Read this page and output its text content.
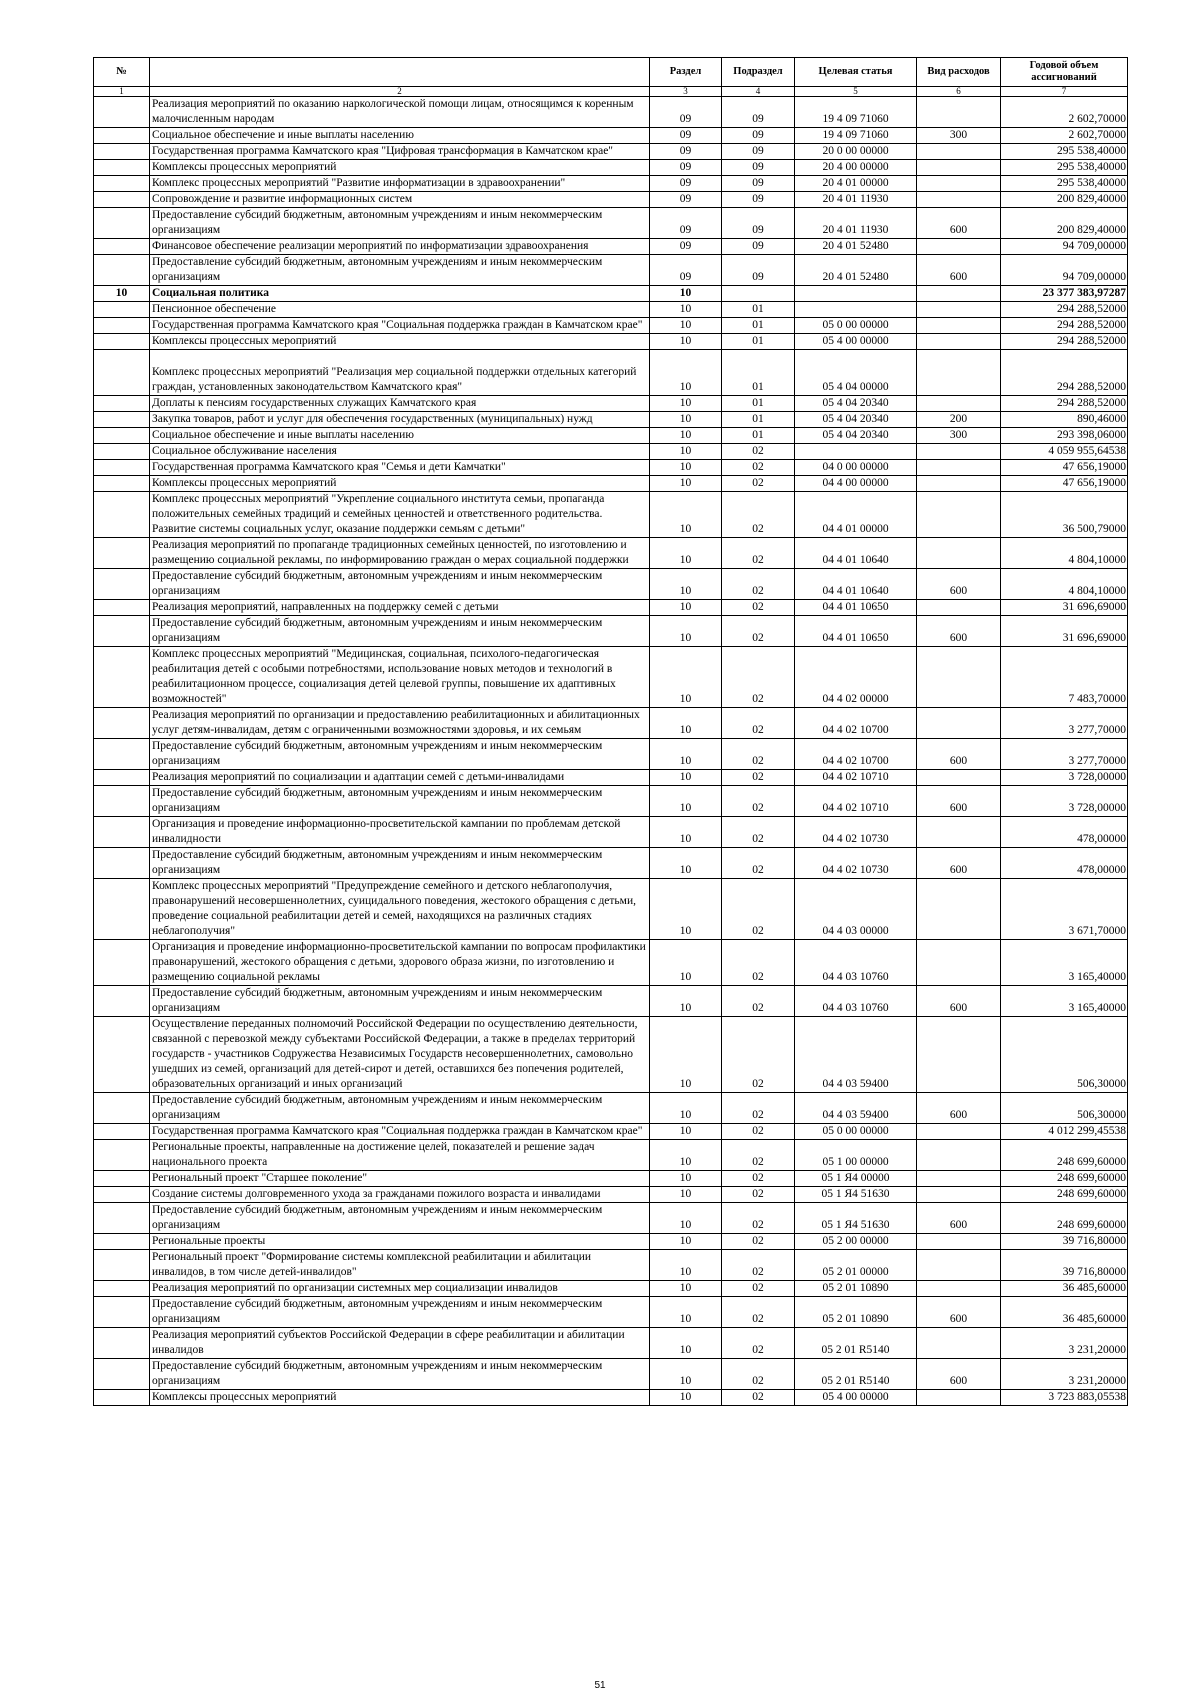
№		Раздел	Подраздел	Целевая статья	Вид расходов	Годовой объем ассигнований
1	2	3	4	5	6	7
	Реализация мероприятий по оказанию наркологической помощи лицам, относящимся к коренным малочисленным народам	09	09	19 4 09 71060		2 602,70000
	Социальное обеспечение и иные выплаты населению	09	09	19 4 09 71060	300	2 602,70000
	Государственная программа Камчатского края "Цифровая трансформация в Камчатском крае"	09	09	20 0 00 00000		295 538,40000
	Комплексы процессных мероприятий	09	09	20 4 00 00000		295 538,40000
	Комплекс процессных мероприятий "Развитие информатизации в здравоохранении"	09	09	20 4 01 00000		295 538,40000
	Сопровождение и развитие информационных систем	09	09	20 4 01 11930		200 829,40000
	Предоставление субсидий бюджетным, автономным учреждениям и иным некоммерческим организациям	09	09	20 4 01 11930	600	200 829,40000
	Финансовое обеспечение реализации мероприятий по информатизации здравоохранения	09	09	20 4 01 52480		94 709,00000
	Предоставление субсидий бюджетным, автономным учреждениям и иным некоммерческим организациям	09	09	20 4 01 52480	600	94 709,00000
10	Социальная политика	10				23 377 383,97287
	Пенсионное обеспечение	10	01			294 288,52000
	Государственная программа Камчатского края "Социальная поддержка граждан в Камчатском крае"	10	01	05 0 00 00000		294 288,52000
	Комплексы процессных мероприятий	10	01	05 4 00 00000		294 288,52000
	Комплекс процессных мероприятий "Реализация мер социальной поддержки отдельных категорий граждан, установленных законодательством Камчатского края"	10	01	05 4 04 00000		294 288,52000
	Доплаты к пенсиям государственных служащих Камчатского края	10	01	05 4 04 20340		294 288,52000
	Закупка товаров, работ и услуг для обеспечения государственных (муниципальных) нужд	10	01	05 4 04 20340	200	890,46000
	Социальное обеспечение и иные выплаты населению	10	01	05 4 04 20340	300	293 398,06000
	Социальное обслуживание населения	10	02			4 059 955,64538
	Государственная программа Камчатского края "Семья и дети Камчатки"	10	02	04 0 00 00000		47 656,19000
	Комплексы процессных мероприятий	10	02	04 4 00 00000		47 656,19000
	Комплекс процессных мероприятий "Укрепление социального института семьи, пропаганда положительных семейных традиций и семейных ценностей и ответственного родительства. Развитие системы социальных услуг, оказание поддержки семьям с детьми"	10	02	04 4 01 00000		36 500,79000
	Реализация мероприятий по пропаганде традиционных семейных ценностей, по изготовлению и размещению социальной рекламы, по информированию граждан о мерах социальной поддержки	10	02	04 4 01 10640		4 804,10000
	Предоставление субсидий бюджетным, автономным учреждениям и иным некоммерческим организациям	10	02	04 4 01 10640	600	4 804,10000
	Реализация мероприятий, направленных на поддержку семей с детьми	10	02	04 4 01 10650		31 696,69000
	Предоставление субсидий бюджетным, автономным учреждениям и иным некоммерческим организациям	10	02	04 4 01 10650	600	31 696,69000
	Комплекс процессных мероприятий "Медицинская, социальная, психолого-педагогическая реабилитация детей с особыми потребностями, использование новых методов и технологий в реабилитационном процессе, социализация детей целевой группы, повышение их адаптивных возможностей"	10	02	04 4 02 00000		7 483,70000
	Реализация мероприятий по организации и предоставлению реабилитационных и абилитационных услуг детям-инвалидам, детям с ограниченными возможностями здоровья, и их семьям	10	02	04 4 02 10700		3 277,70000
	Предоставление субсидий бюджетным, автономным учреждениям и иным некоммерческим организациям	10	02	04 4 02 10700	600	3 277,70000
	Реализация мероприятий по социализации и адаптации семей с детьми-инвалидами	10	02	04 4 02 10710		3 728,00000
	Предоставление субсидий бюджетным, автономным учреждениям и иным некоммерческим организациям	10	02	04 4 02 10710	600	3 728,00000
	Организация и проведение информационно-просветительской кампании по проблемам детской инвалидности	10	02	04 4 02 10730		478,00000
	Предоставление субсидий бюджетным, автономным учреждениям и иным некоммерческим организациям	10	02	04 4 02 10730	600	478,00000
	Комплекс процессных мероприятий "Предупреждение семейного и детского неблагополучия, правонарушений несовершеннолетних, суицидального поведения, жестокого обращения с детьми, проведение социальной реабилитации детей и семей, находящихся на различных стадиях неблагополучия"	10	02	04 4 03 00000		3 671,70000
	Организация и проведение информационно-просветительской кампании по вопросам профилактики правонарушений, жестокого обращения с детьми, здорового образа жизни, по изготовлению и размещению социальной рекламы	10	02	04 4 03 10760		3 165,40000
	Предоставление субсидий бюджетным, автономным учреждениям и иным некоммерческим организациям	10	02	04 4 03 10760	600	3 165,40000
	Осуществление переданных полномочий Российской Федерации по осуществлению деятельности, связанной с перевозкой между субъектами Российской Федерации, а также в пределах территорий государств - участников Содружества Независимых Государств несовершеннолетних, самовольно ушедших из семей, организаций для детей-сирот и детей, оставшихся без попечения родителей, образовательных организаций и иных организаций	10	02	04 4 03 59400		506,30000
	Предоставление субсидий бюджетным, автономным учреждениям и иным некоммерческим организациям	10	02	04 4 03 59400	600	506,30000
	Государственная программа Камчатского края "Социальная поддержка граждан в Камчатском крае"	10	02	05 0 00 00000		4 012 299,45538
	Региональные проекты, направленные на достижение целей, показателей и решение задач национального проекта	10	02	05 1 00 00000		248 699,60000
	Региональный проект "Старшее поколение"	10	02	05 1 Я4 00000		248 699,60000
	Создание системы долговременного ухода за гражданами пожилого возраста и инвалидами	10	02	05 1 Я4 51630		248 699,60000
	Предоставление субсидий бюджетным, автономным учреждениям и иным некоммерческим организациям	10	02	05 1 Я4 51630	600	248 699,60000
	Региональные проекты	10	02	05 2 00 00000		39 716,80000
	Региональный проект "Формирование системы комплексной реабилитации и абилитации инвалидов, в том числе детей-инвалидов"	10	02	05 2 01 00000		39 716,80000
	Реализация мероприятий по организации системных мер социализации инвалидов	10	02	05 2 01 10890		36 485,60000
	Предоставление субсидий бюджетным, автономным учреждениям и иным некоммерческим организациям	10	02	05 2 01 10890	600	36 485,60000
	Реализация мероприятий субъектов Российской Федерации в сфере реабилитации и абилитации инвалидов	10	02	05 2 01 R5140		3 231,20000
	Предоставление субсидий бюджетным, автономным учреждениям и иным некоммерческим организациям	10	02	05 2 01 R5140	600	3 231,20000
	Комплексы процессных мероприятий	10	02	05 4 00 00000		3 723 883,05538
51
